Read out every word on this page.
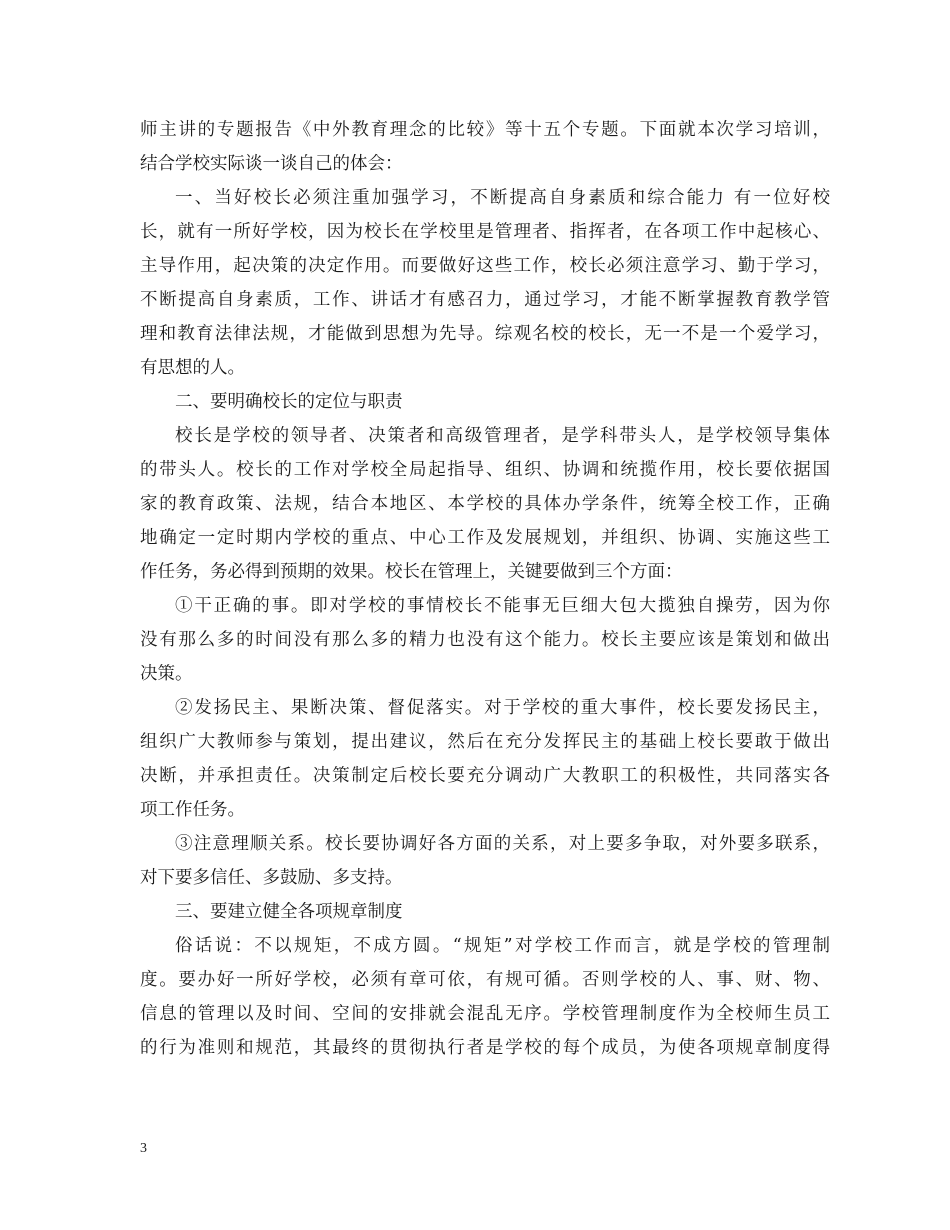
师主讲的专题报告《中外教育理念的比较》等十五个专题。下面就本次学习培训，
结合学校实际谈一谈自己的体会：
一、当好校长必须注重加强学习，不断提高自身素质和综合能力 有一位好校
长，就有一所好学校，因为校长在学校里是管理者、指挥者，在各项工作中起核心、
主导作用，起决策的决定作用。而要做好这些工作，校长必须注意学习、勤于学习，
不断提高自身素质，工作、讲话才有感召力，通过学习，才能不断掌握教育教学管
理和教育法律法规，才能做到思想为先导。综观名校的校长，无一不是一个爱学习，
有思想的人。
二、要明确校长的定位与职责
校长是学校的领导者、决策者和高级管理者，是学科带头人，是学校领导集体
的带头人。校长的工作对学校全局起指导、组织、协调和统揽作用，校长要依据国
家的教育政策、法规，结合本地区、本学校的具体办学条件，统筹全校工作，正确
地确定一定时期内学校的重点、中心工作及发展规划，并组织、协调、实施这些工
作任务，务必得到预期的效果。校长在管理上，关键要做到三个方面：
①干正确的事。即对学校的事情校长不能事无巨细大包大揽独自操劳，因为你
没有那么多的时间没有那么多的精力也没有这个能力。校长主要应该是策划和做出
决策。
②发扬民主、果断决策、督促落实。对于学校的重大事件，校长要发扬民主，
组织广大教师参与策划，提出建议，然后在充分发挥民主的基础上校长要敢于做出
决断，并承担责任。决策制定后校长要充分调动广大教职工的积极性，共同落实各
项工作任务。
③注意理顺关系。校长要协调好各方面的关系，对上要多争取，对外要多联系，
对下要多信任、多鼓励、多支持。
三、要建立健全各项规章制度
俗话说：不以规矩，不成方圆。“规矩”对学校工作而言，就是学校的管理制
度。要办好一所好学校，必须有章可依，有规可循。否则学校的人、事、财、物、
信息的管理以及时间、空间的安排就会混乱无序。学校管理制度作为全校师生员工
的行为准则和规范，其最终的贯彻执行者是学校的每个成员，为使各项规章制度得
3
